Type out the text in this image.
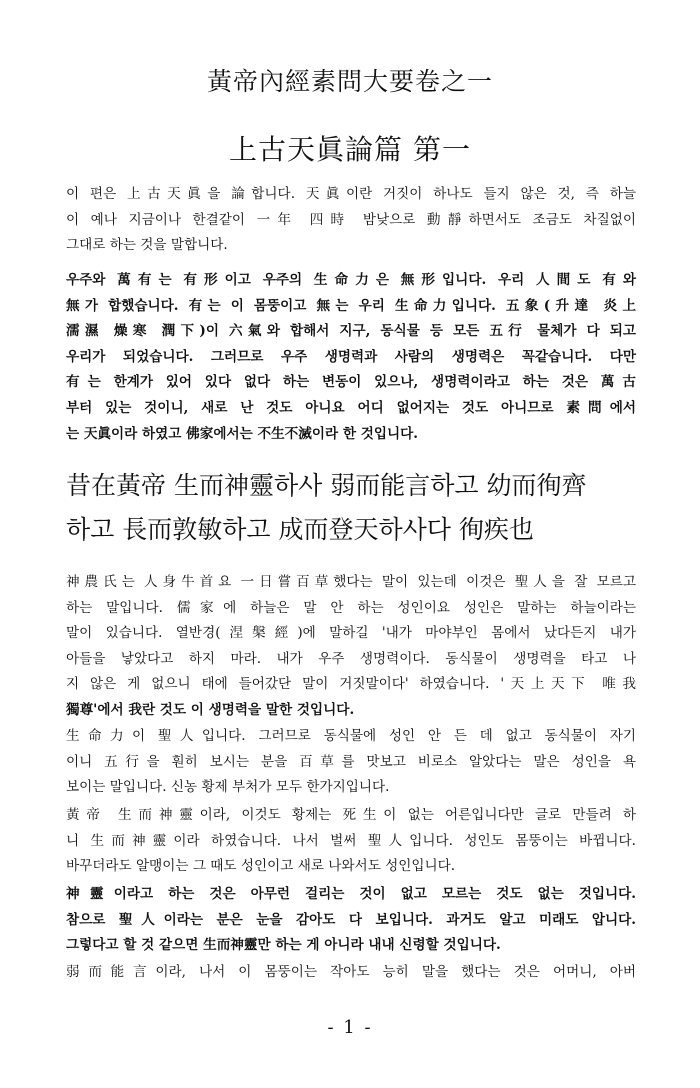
黃帝內經素問大要卷之一
上古天眞論篇 第一
이 편은 上古天眞을 論합니다. 天眞이란 거짓이 하나도 들지 않은 것, 즉 하늘
이 예나 지금이나 한결같이 一年 四時 밤낮으로 動靜하면서도 조금도 차질없이
그대로 하는 것을 말합니다.
우주와 萬有는 有形이고 우주의 生命力은 無形입니다. 우리 人間도 有와
無가 합했습니다. 有는 이 몸뚱이고 無는 우리 生命力입니다. 五象(升達 炎上
濡濕 燥寒 潤下)이 六氣와 합해서 지구, 동식물 등 모든 五行 물체가 다 되고
우리가 되었습니다. 그러므로 우주 생명력과 사람의 생명력은 꼭같습니다. 다만
有는 한계가 있어 있다 없다 하는 변동이 있으나, 생명력이라고 하는 것은 萬古
부터 있는 것이니, 새로 난 것도 아니요 어디 없어지는 것도 아니므로 素問에서
는 天眞이라 하였고 佛家에서는 不生不滅이라 한 것입니다.
昔在黃帝 生而神靈하사 弱而能言하고 幼而徇齊
하고 長而敦敏하고 成而登天하사다 徇疾也
神農氏는 人身牛首요 一日嘗百草했다는 말이 있는데 이것은 聖人을 잘 모르고
하는 말입니다. 儒家에 하늘은 말 안 하는 성인이요 성인은 말하는 하늘이라는
말이 있습니다. 열반경(涅槃經)에 말하길 '내가 마야부인 몸에서 났다든지 내가
아들을 낳았다고 하지 마라. 내가 우주 생명력이다. 동식물이 생명력을 타고 나
지 않은 게 없으니 태에 들어갔단 말이 거짓말이다' 하였습니다. '天上天下 唯我
獨尊'에서 我란 것도 이 생명력을 말한 것입니다.
生命力이 聖人입니다. 그러므로 동식물에 성인 안 든 데 없고 동식물이 자기
이니 五行을 훤히 보시는 분을 百草를 맛보고 비로소 알았다는 말은 성인을 욕
보이는 말입니다. 신농 황제 부처가 모두 한가지입니다.
黃帝 生而神靈이라, 이것도 황제는 死生이 없는 어른입니다만 글로 만들려 하
니 生而神靈이라 하였습니다. 나서 벌써 聖人입니다. 성인도 몸뚱이는 바뀝니다.
바꾸더라도 알맹이는 그 때도 성인이고 새로 나와서도 성인입니다.
神靈이라고 하는 것은 아무런 걸리는 것이 없고 모르는 것도 없는 것입니다.
참으로 聖人이라는 분은 눈을 감아도 다 보입니다. 과거도 알고 미래도 압니다.
그렇다고 할 것 같으면 生而神靈만 하는 게 아니라 내내 신령할 것입니다.
弱而能言이라, 나서 이 몸뚱이는 작아도 능히 말을 했다는 것은 어머니, 아버
- 1 -
